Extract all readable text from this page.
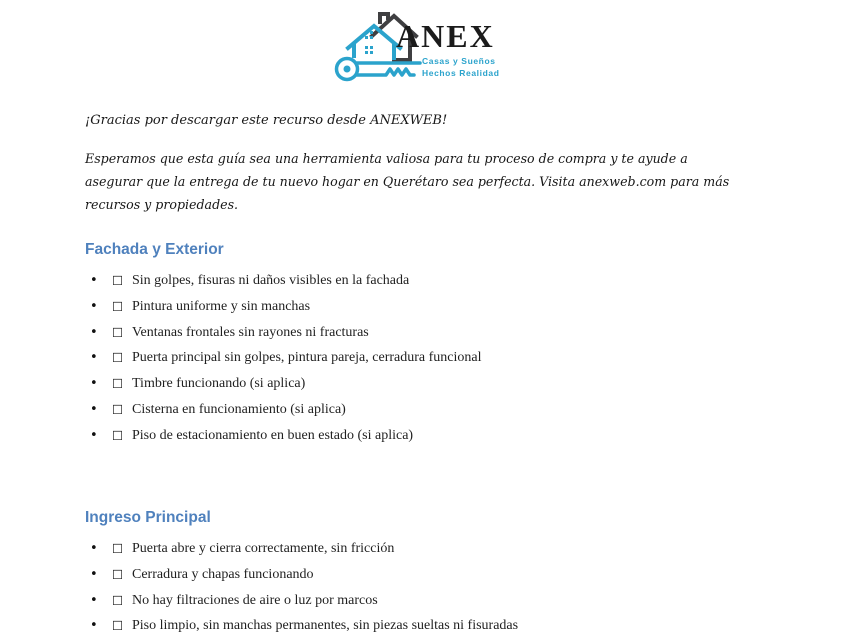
ANEX
Casas y Sueños
Hechos Realidad

¡Gracias por descargar este recurso desde ANEXWEB!

Esperamos que esta guía sea una herramienta valiosa para tu proceso de compra y te ayude a asegurar que la entrega de tu nuevo hogar en Querétaro sea perfecta. Visita anexweb.com para más recursos y propiedades.

Fachada y Exterior
• ☐ Sin golpes, fisuras ni daños visibles en la fachada
• ☐ Pintura uniforme y sin manchas
• ☐ Ventanas frontales sin rayones ni fracturas
• ☐ Puerta principal sin golpes, pintura pareja, cerradura funcional
• ☐ Timbre funcionando (si aplica)
• ☐ Cisterna en funcionamiento (si aplica)
• ☐ Piso de estacionamiento en buen estado (si aplica)
Ingreso Principal
• ☐ Puerta abre y cierra correctamente, sin fricción
• ☐ Cerradura y chapas funcionando
• ☐ No hay filtraciones de aire o luz por marcos
• ☐ Piso limpio, sin manchas permanentes, sin piezas sueltas ni fisuradas
